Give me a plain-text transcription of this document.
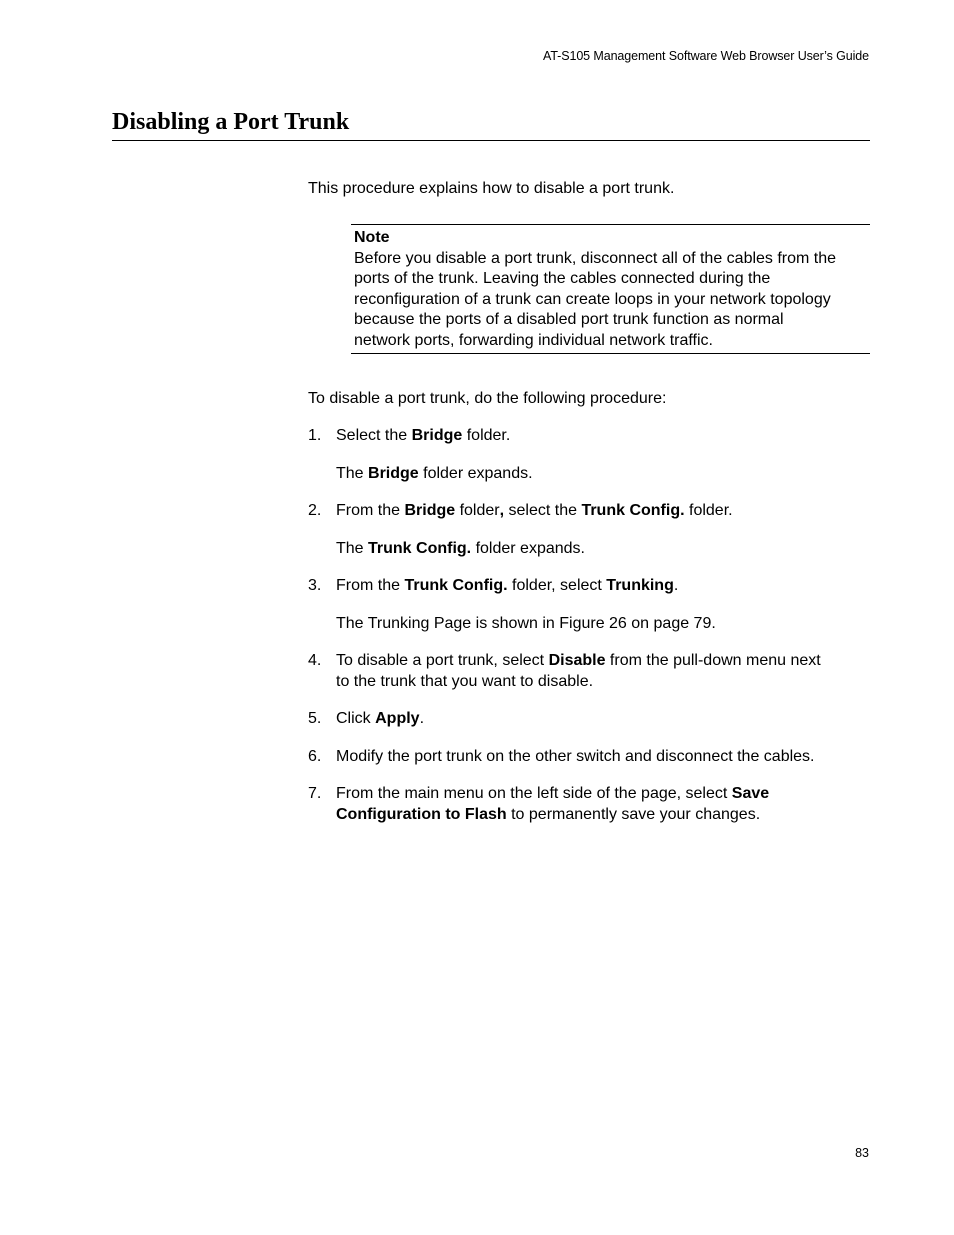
AT-S105 Management Software Web Browser User’s Guide
Disabling a Port Trunk

This procedure explains how to disable a port trunk.

Note
Before you disable a port trunk, disconnect all of the cables from the
ports of the trunk. Leaving the cables connected during the
reconfiguration of a trunk can create loops in your network topology
because the ports of a disabled port trunk function as normal
network ports, forwarding individual network traffic.

To disable a port trunk, do the following procedure:

1. Select the Bridge folder.
The Bridge folder expands.
2. From the Bridge folder, select the Trunk Config. folder.
The Trunk Config. folder expands.
3. From the Trunk Config. folder, select Trunking.
The Trunking Page is shown in Figure 26 on page 79.
4. To disable a port trunk, select Disable from the pull-down menu next
to the trunk that you want to disable.
5. Click Apply.
6. Modify the port trunk on the other switch and disconnect the cables.
7. From the main menu on the left side of the page, select Save
Configuration to Flash to permanently save your changes.
83
